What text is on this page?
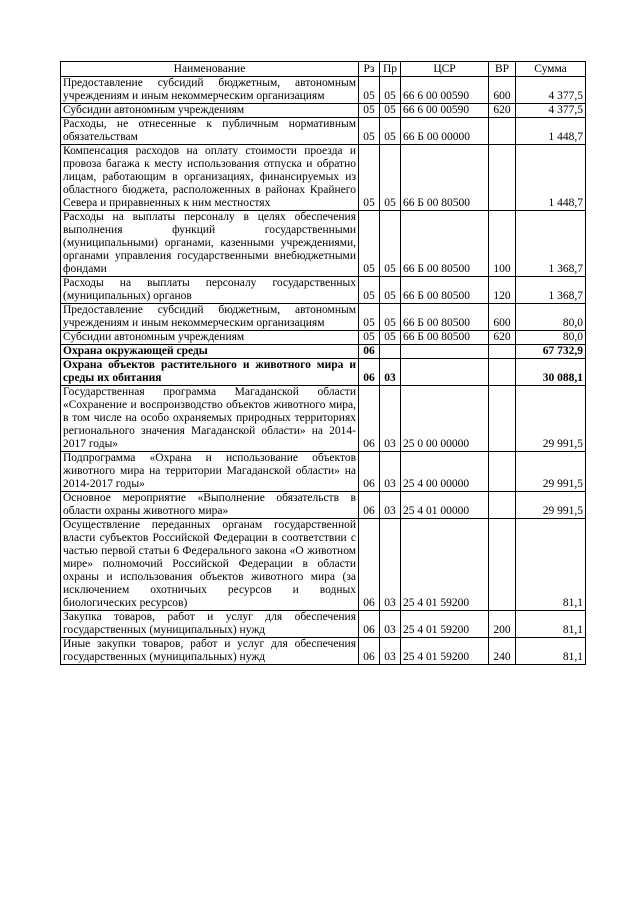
Наименование	Рз	Пр	ЦСР	ВР	Сумма
Предоставление субсидий бюджетным, автономным учреждениям и иным некоммерческим организациям	05	05	66 6 00 00590	600	4 377,5
Субсидии автономным учреждениям	05	05	66 6 00 00590	620	4 377,5
Расходы, не отнесенные к публичным нормативным обязательствам	05	05	66 Б 00 00000		1 448,7
Компенсация расходов на оплату стоимости проезда и провоза багажа к месту использования отпуска и обратно лицам, работающим в организациях, финансируемых из областного бюджета, расположенных в районах Крайнего Севера и приравненных к ним местностях	05	05	66 Б 00 80500		1 448,7
Расходы на выплаты персоналу в целях обеспечения выполнения функций государственными (муниципальными) органами, казенными учреждениями, органами управления государственными внебюджетными фондами	05	05	66 Б 00 80500	100	1 368,7
Расходы на выплаты персоналу государственных (муниципальных) органов	05	05	66 Б 00 80500	120	1 368,7
Предоставление субсидий бюджетным, автономным учреждениям и иным некоммерческим организациям	05	05	66 Б 00 80500	600	80,0
Субсидии автономным учреждениям	05	05	66 Б 00 80500	620	80,0
Охрана окружающей среды	06				67 732,9
Охрана объектов растительного и животного мира и среды их обитания	06	03			30 088,1
Государственная программа Магаданской области «Сохранение и воспроизводство объектов животного мира, в том числе на особо охраняемых природных территориях регионального значения Магаданской области» на 2014-2017 годы»	06	03	25 0 00 00000		29 991,5
Подпрограмма «Охрана и использование объектов животного мира на территории Магаданской области» на 2014-2017 годы»	06	03	25 4 00 00000		29 991,5
Основное мероприятие «Выполнение обязательств в области охраны животного мира»	06	03	25 4 01 00000		29 991,5
Осуществление переданных органам государственной власти субъектов Российской Федерации в соответствии с частью первой статьи 6 Федерального закона «О животном мире» полномочий Российской Федерации в области охраны и использования объектов животного мира (за исключением охотничьих ресурсов и водных биологических ресурсов)	06	03	25 4 01 59200		81,1
Закупка товаров, работ и услуг для обеспечения государственных (муниципальных) нужд	06	03	25 4 01 59200	200	81,1
Иные закупки товаров, работ и услуг для обеспечения государственных (муниципальных) нужд	06	03	25 4 01 59200	240	81,1
